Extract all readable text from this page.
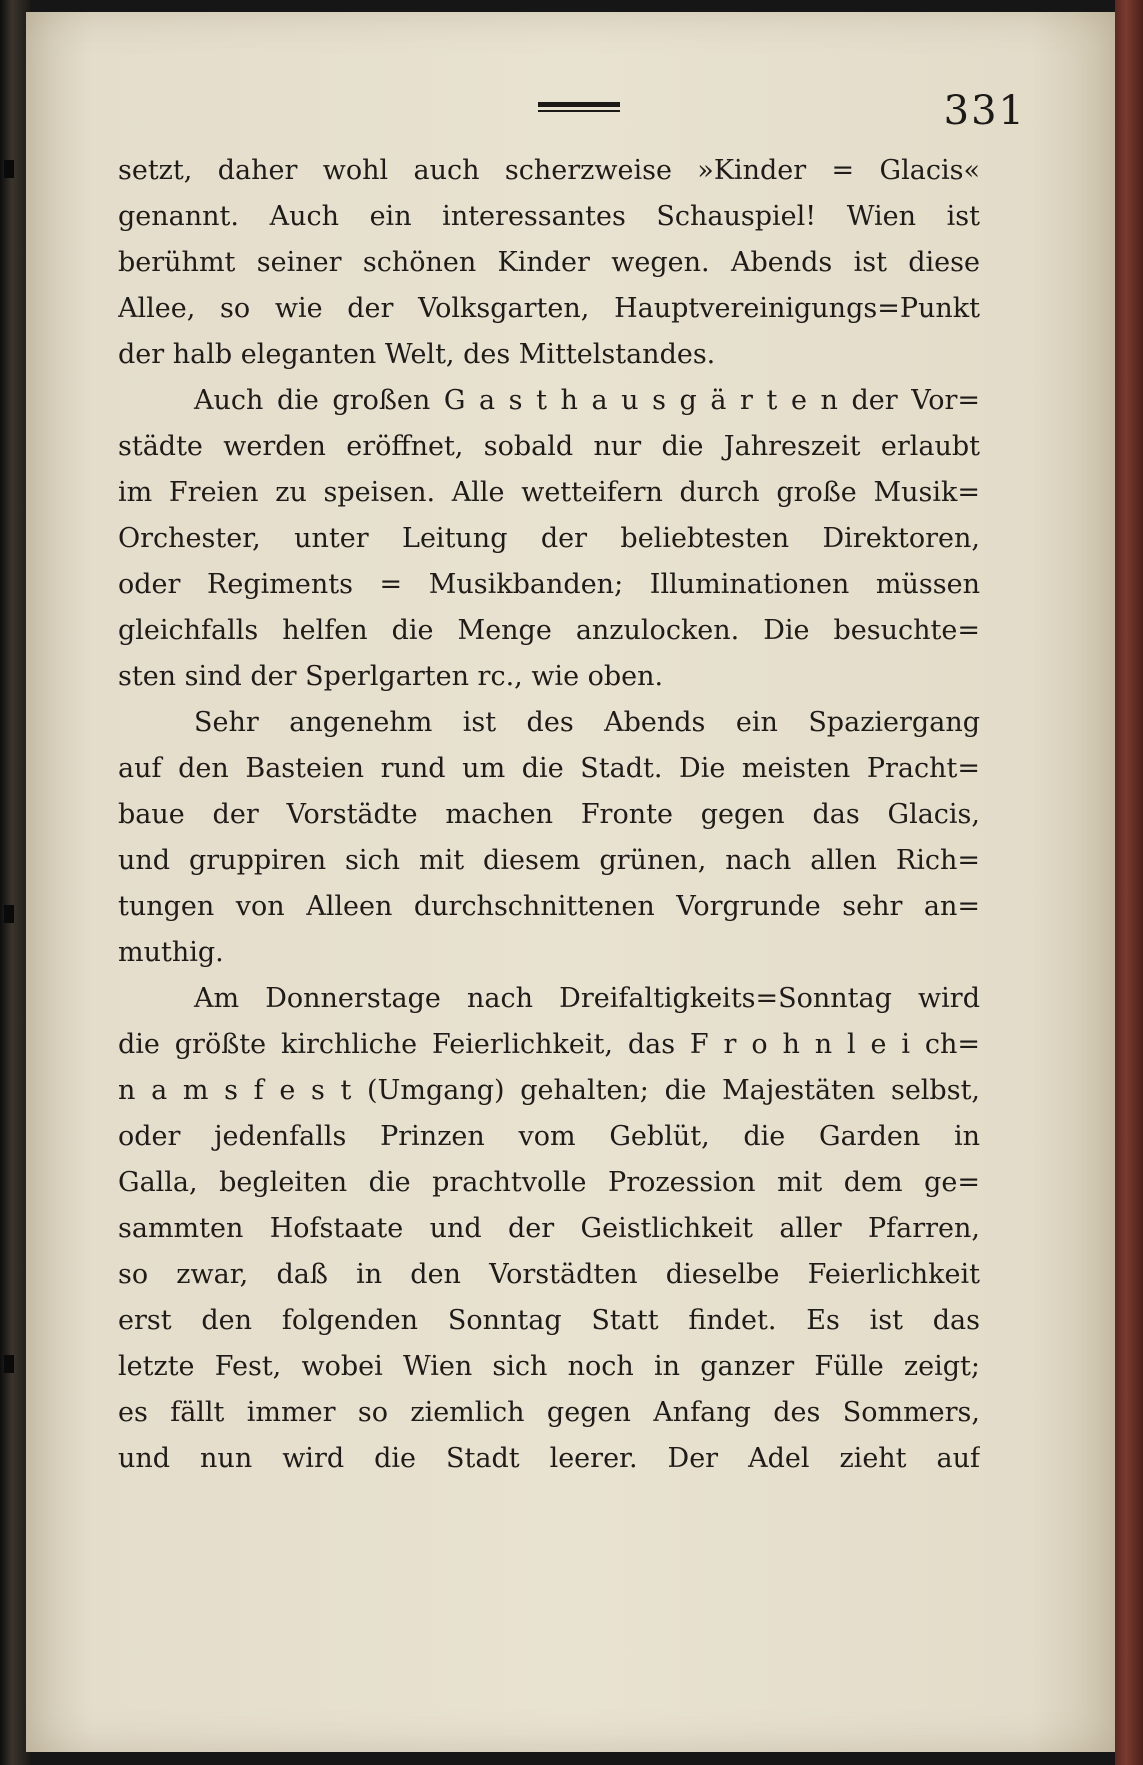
331
setzt, daher wohl auch scherzweise »Kinder = Glacis«
genannt. Auch ein interessantes Schauspiel! Wien ist
berühmt seiner schönen Kinder wegen. Abends ist diese
Allee, so wie der Volksgarten, Hauptvereinigungs=Punkt
der halb eleganten Welt, des Mittelstandes.
Auch die großen G a s t h a u s g ä r t e n der Vor=
städte werden eröffnet, sobald nur die Jahreszeit erlaubt
im Freien zu speisen. Alle wetteifern durch große Musik=
Orchester, unter Leitung der beliebtesten Direktoren,
oder Regiments = Musikbanden; Illuminationen müssen
gleichfalls helfen die Menge anzulocken. Die besuchte=
sten sind der Sperlgarten rc., wie oben.
Sehr angenehm ist des Abends ein Spaziergang
auf den Basteien rund um die Stadt. Die meisten Pracht=
baue der Vorstädte machen Fronte gegen das Glacis,
und gruppiren sich mit diesem grünen, nach allen Rich=
tungen von Alleen durchschnittenen Vorgrunde sehr an=
muthig.
Am Donnerstage nach Dreifaltigkeits=Sonntag wird
die größte kirchliche Feierlichkeit, das F r o h n l e i ch=
n a m s f e s t (Umgang) gehalten; die Majestäten selbst,
oder jedenfalls Prinzen vom Geblüt, die Garden in
Galla, begleiten die prachtvolle Prozession mit dem ge=
sammten Hofstaate und der Geistlichkeit aller Pfarren,
so zwar, daß in den Vorstädten dieselbe Feierlichkeit
erst den folgenden Sonntag Statt findet. Es ist das
letzte Fest, wobei Wien sich noch in ganzer Fülle zeigt;
es fällt immer so ziemlich gegen Anfang des Sommers,
und nun wird die Stadt leerer. Der Adel zieht auf
